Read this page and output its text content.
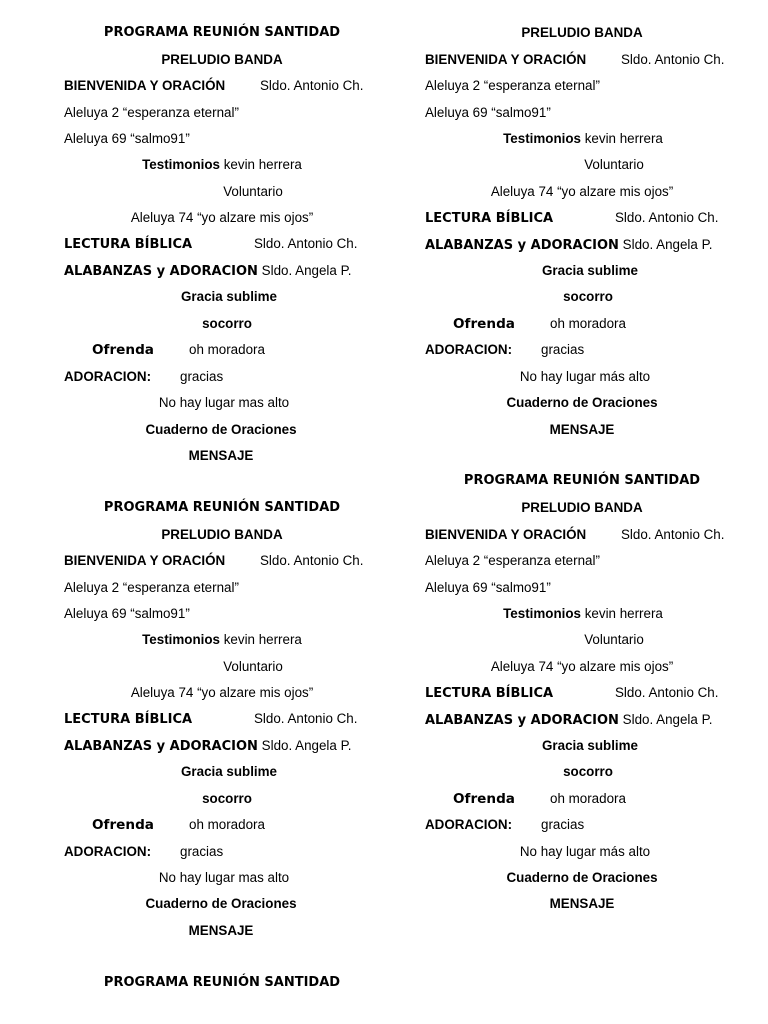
PROGRAMA REUNIÓN SANTIDAD
PRELUDIO BANDA
BIENVENIDA Y ORACIÓN	Sldo. Antonio Ch.
Aleluya 2 “esperanza eternal”
Aleluya 69 “salmo91”
Testimonios kevin herrera
Voluntario
Aleluya 74 “yo alzare mis ojos”
LECTURA BÍBLICA	Sldo. Antonio Ch.
ALABANZAS y ADORACION Sldo. Angela P.
Gracia sublime
socorro
Ofrenda	oh moradora
ADORACION: gracias
No hay lugar mas alto
Cuaderno de Oraciones
MENSAJE
PRELUDIO BANDA
BIENVENIDA Y ORACIÓN	Sldo. Antonio Ch.
Aleluya 2 “esperanza eternal”
Aleluya 69 “salmo91”
Testimonios kevin herrera
Voluntario
Aleluya 74 “yo alzare mis ojos”
LECTURA BÍBLICA	Sldo. Antonio Ch.
ALABANZAS y ADORACION Sldo. Angela P.
Gracia sublime
socorro
Ofrenda	oh moradora
ADORACION: gracias
No hay lugar más alto
Cuaderno de Oraciones
MENSAJE
PROGRAMA REUNIÓN SANTIDAD
PRELUDIO BANDA
BIENVENIDA Y ORACIÓN	Sldo. Antonio Ch.
Aleluya 2 “esperanza eternal”
Aleluya 69 “salmo91”
Testimonios kevin herrera
Voluntario
Aleluya 74 “yo alzare mis ojos”
LECTURA BÍBLICA	Sldo. Antonio Ch.
ALABANZAS y ADORACION Sldo. Angela P.
Gracia sublime
socorro
Ofrenda	oh moradora
ADORACION: gracias
No hay lugar mas alto
Cuaderno de Oraciones
MENSAJE
PROGRAMA REUNIÓN SANTIDAD
PRELUDIO BANDA
BIENVENIDA Y ORACIÓN	Sldo. Antonio Ch.
Aleluya 2 “esperanza eternal”
Aleluya 69 “salmo91”
Testimonios kevin herrera
Voluntario
Aleluya 74 “yo alzare mis ojos”
LECTURA BÍBLICA	Sldo. Antonio Ch.
ALABANZAS y ADORACION Sldo. Angela P.
Gracia sublime
socorro
Ofrenda	oh moradora
ADORACION: gracias
No hay lugar más alto
Cuaderno de Oraciones
MENSAJE
PROGRAMA REUNIÓN SANTIDAD
